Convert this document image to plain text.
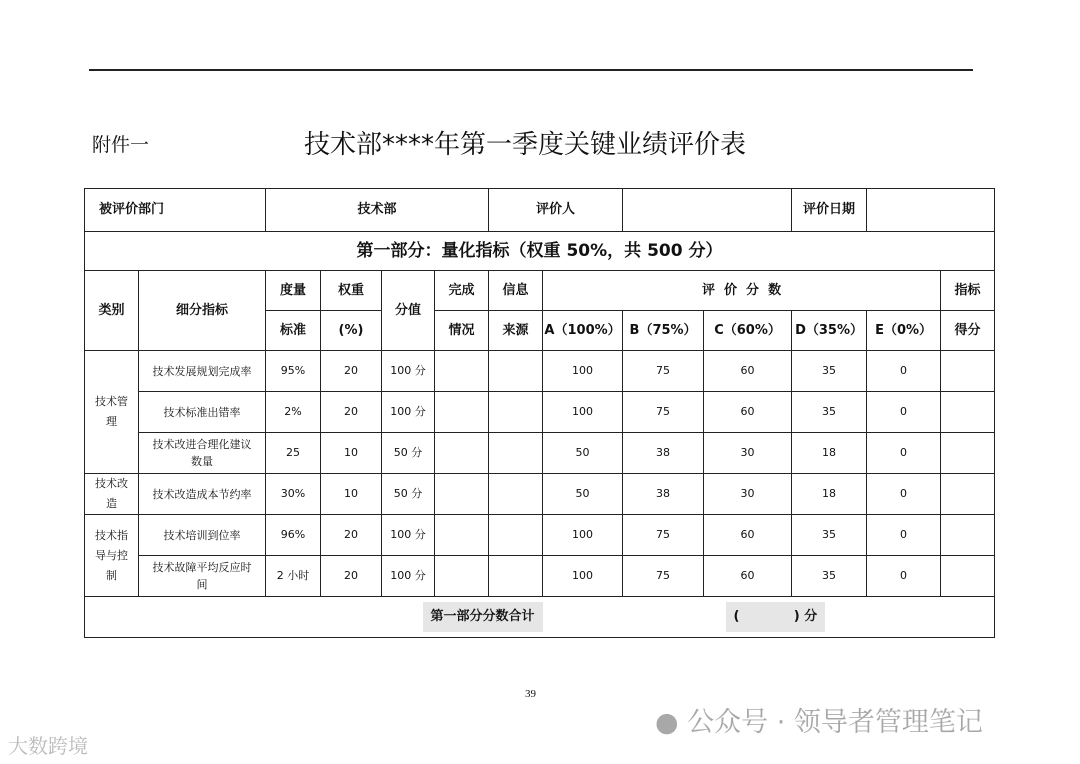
附件一	技术部****年第一季度关键业绩评价表
被评价部门		技术部				评价人				评价日期		
第一部分：量化指标（权重 50%，共 500 分）												
类别	细分指标	度量	权重	分值	完成	信息	评  价  分  数					指标
		标准	(%)		情况	来源	A（100%）	B（75%）	C（60%）	D（35%）	E（0%）	得分
技术管理	技术发展规划完成率	95%	20	100 分			100	75	60	35	0	
	技术标准出错率	2%	20	100 分			100	75	60	35	0	
	技术改进合理化建议数量	25	10	50 分			50	38	30	18	0	
技术改造	技术改造成本节约率	30%	10	50 分			50	38	30	18	0	
技术指导与控制	技术培训到位率	96%	20	100 分			100	75	60	35	0	
	技术故障平均反应时间	2 小时	20	100 分			100	75	60	35	0	
第一部分分数合计									(            ) 分			
39
● 公众号 · 领导者管理笔记
大数跨境
